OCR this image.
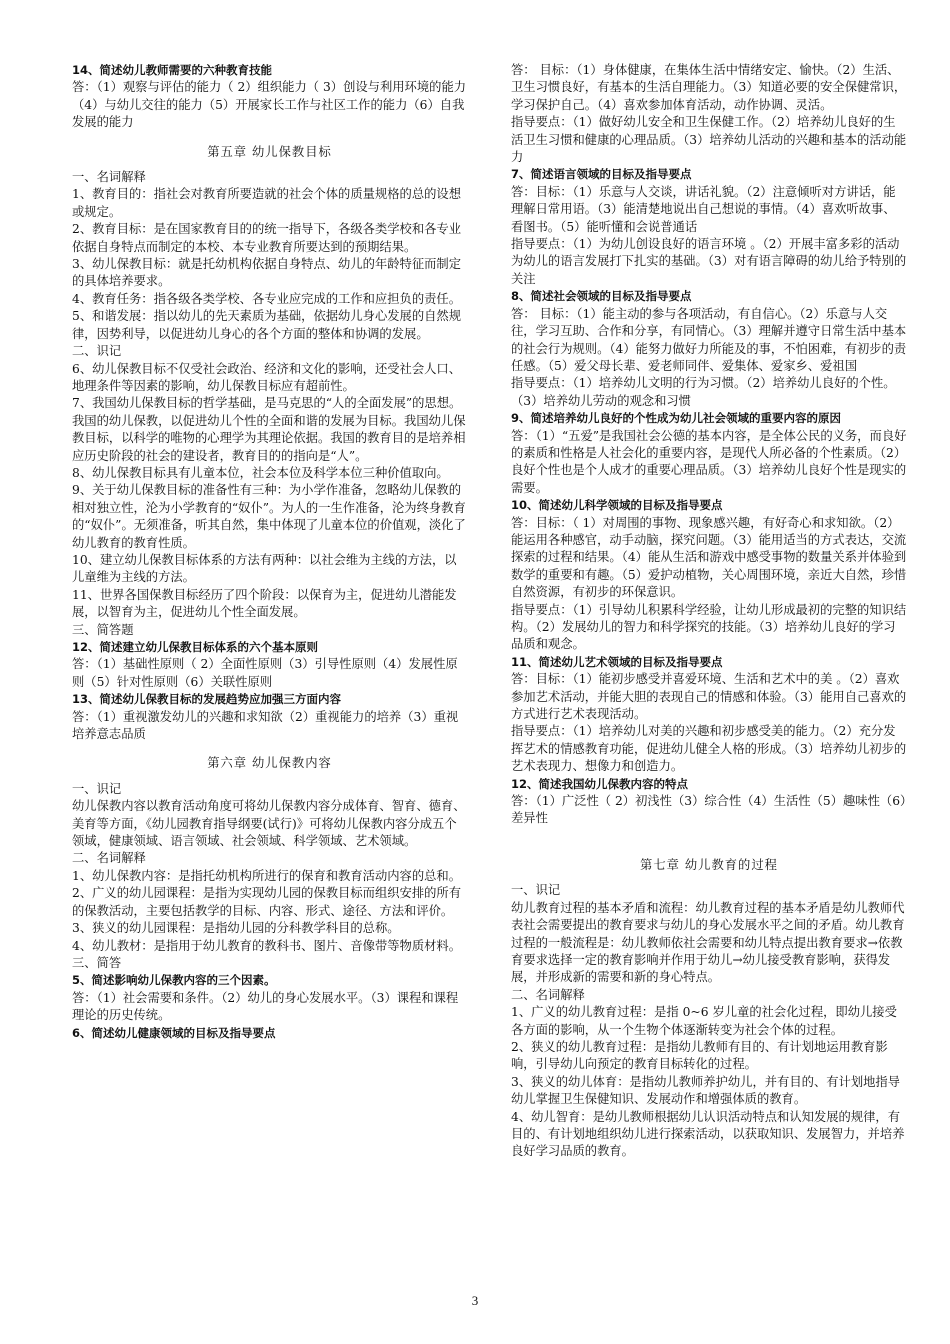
14、简述幼儿教师需要的六种教育技能
答：（1）观察与评估的能力（ 2）组织能力（ 3）创设与利用环境的能力（4）与幼儿交往的能力（5）开展家长工作与社区工作的能力（6）自我发展的能力
第五章 幼儿保教目标
一、名词解释
1、教育目的：指社会对教育所要造就的社会个体的质量规格的总的设想或规定。
2、教育目标：是在国家教育目的的统一指导下，各级各类学校和各专业依据自身特点而制定的本校、本专业教育所要达到的预期结果。
3、幼儿保教目标：就是托幼机构依据自身特点、幼儿的年龄特征而制定的具体培养要求。
4、教育任务：指各级各类学校、各专业应完成的工作和应担负的责任。
5、和谐发展：指以幼儿的先天素质为基础，依据幼儿身心发展的自然规律，因势利导，以促进幼儿身心的各个方面的整体和协调的发展。
二、识记
6、幼儿保教目标不仅受社会政治、经济和文化的影响，还受社会人口、地理条件等因素的影响，幼儿保教目标应有超前性。
7、我国幼儿保教目标的哲学基础，是马克思的“人的全面发展”的思想。我国的幼儿保教，以促进幼儿个性的全面和谐的发展为目标。我国幼儿保教目标，以科学的唯物的心理学为其理论依据。我国的教育目的是培养相应历史阶段的社会的建设者，教育目的的指向是“人”。
8、幼儿保教目标具有儿童本位，社会本位及科学本位三种价值取向。
9、关于幼儿保教目标的准备性有三种：为小学作准备，忽略幼儿保教的相对独立性，沦为小学教育的“奴仆”。为人的一生作准备，沦为终身教育的“奴仆”。无须准备，听其自然，集中体现了儿童本位的价值观，淡化了幼儿教育的教育性质。
10、建立幼儿保教目标体系的方法有两种：以社会维为主线的方法，以儿童维为主线的方法。
11、世界各国保教目标经历了四个阶段：以保育为主，促进幼儿潜能发展，以智育为主，促进幼儿个性全面发展。
三、简答题
12、简述建立幼儿保教目标体系的六个基本原则
答：（1）基础性原则（ 2）全面性原则（3）引导性原则（4）发展性原则（5）针对性原则（6）关联性原则
13、简述幼儿保教目标的发展趋势应加强三方面内容
答：（1）重视激发幼儿的兴趣和求知欲（2）重视能力的培养（3）重视培养意志品质
第六章 幼儿保教内容
一、识记
幼儿保教内容以教育活动角度可将幼儿保教内容分成体育、智育、德育、美育等方面，《幼儿园教育指导纲要(试行)》可将幼儿保教内容分成五个领域，健康领域、语言领域、社会领域、科学领域、艺术领域。
二、名词解释
1、幼儿保教内容：是指托幼机构所进行的保育和教育活动内容的总和。
2、广义的幼儿园课程：是指为实现幼儿园的保教目标而组织安排的所有的保教活动，主要包括教学的目标、内容、形式、途径、方法和评价。
3、狭义的幼儿园课程：是指幼儿园的分科教学科目的总称。
4、幼儿教材：是指用于幼儿教育的教科书、图片、音像带等物质材料。
三、简答
5、简述影响幼儿保教内容的三个因素。
答：（1）社会需要和条件。（2）幼儿的身心发展水平。（3）课程和课程理论的历史传统。
6、简述幼儿健康领域的目标及指导要点
答： 目标：（1）身体健康，在集体生活中情绪安定、愉快。（2）生活、卫生习惯良好，有基本的生活自理能力。（3）知道必要的安全保健常识，学习保护自己。（4）喜欢参加体育活动，动作协调、灵活。
指导要点：（1）做好幼儿安全和卫生保健工作。（2）培养幼儿良好的生活卫生习惯和健康的心理品质。（3）培养幼儿活动的兴趣和基本的活动能力
7、简述语言领域的目标及指导要点
答：目标：（1）乐意与人交谈，讲话礼貌。（2）注意倾听对方讲话，能理解日常用语。（3）能清楚地说出自己想说的事情。（4）喜欢听故事、看图书。（5）能听懂和会说普通话
指导要点：（1）为幼儿创设良好的语言环境 。（2）开展丰富多彩的活动为幼儿的语言发展打下扎实的基础。（3）对有语言障碍的幼儿给予特别的关注
8、简述社会领域的目标及指导要点
答： 目标：（1）能主动的参与各项活动，有自信心。（2）乐意与人交往，学习互助、合作和分享，有同情心。（3）理解并遵守日常生活中基本的社会行为规则。（4）能努力做好力所能及的事，不怕困难，有初步的责任感。（5）爱父母长辈、爱老师同伴、爱集体、爱家乡、爱祖国
指导要点：（1）培养幼儿文明的行为习惯。（2）培养幼儿良好的个性。（3）培养幼儿劳动的观念和习惯
9、简述培养幼儿良好的个性成为幼儿社会领域的重要内容的原因
答：（1）“五爱”是我国社会公德的基本内容，是全体公民的义务，而良好的素质和性格是人社会化的重要内容，是现代人所必备的个性素质。（2）良好个性也是个人成才的重要心理品质。（3）培养幼儿良好个性是现实的需要。
10、简述幼儿科学领域的目标及指导要点
答：目标：（ 1）对周围的事物、现象感兴趣，有好奇心和求知欲。（2）能运用各种感官，动手动脑，探究问题。（3）能用适当的方式表达，交流探索的过程和结果。（4）能从生活和游戏中感受事物的数量关系并体验到数学的重要和有趣。（5）爱护动植物，关心周围环境，亲近大自然，珍惜自然资源，有初步的环保意识。
指导要点：（1）引导幼儿积累科学经验，让幼儿形成最初的完整的知识结构。（2）发展幼儿的智力和科学探究的技能。（3）培养幼儿良好的学习品质和观念。
11、简述幼儿艺术领域的目标及指导要点
答：目标：（1）能初步感受并喜爱环境、生活和艺术中的美 。（2）喜欢参加艺术活动，并能大胆的表现自己的情感和体验。（3）能用自己喜欢的方式进行艺术表现活动。
指导要点：（1）培养幼儿对美的兴趣和初步感受美的能力。（2）充分发挥艺术的情感教育功能，促进幼儿健全人格的形成。（3）培养幼儿初步的艺术表现力、想像力和创造力。
12、简述我国幼儿保教内容的特点
答：（1）广泛性（ 2）初浅性（3）综合性（4）生活性（5）趣味性（6）差异性
第七章 幼儿教育的过程
一、识记
幼儿教育过程的基本矛盾和流程：幼儿教育过程的基本矛盾是幼儿教师代表社会需要提出的教育要求与幼儿的身心发展水平之间的矛盾。幼儿教育过程的一般流程是：幼儿教师依社会需要和幼儿特点提出教育要求→依教育要求选择一定的教育影响并作用于幼儿→幼儿接受教育影响，获得发展，并形成新的需要和新的身心特点。
二、名词解释
1、广义的幼儿教育过程：是指 0~6 岁儿童的社会化过程，即幼儿接受各方面的影响，从一个生物个体逐渐转变为社会个体的过程。
2、狭义的幼儿教育过程：是指幼儿教师有目的、有计划地运用教育影响，引导幼儿向预定的教育目标转化的过程。
3、狭义的幼儿体育：是指幼儿教师养护幼儿，并有目的、有计划地指导幼儿掌握卫生保健知识、发展动作和增强体质的教育。
4、幼儿智育：是幼儿教师根据幼儿认识活动特点和认知发展的规律，有目的、有计划地组织幼儿进行探索活动，以获取知识、发展智力，并培养良好学习品质的教育。
3
